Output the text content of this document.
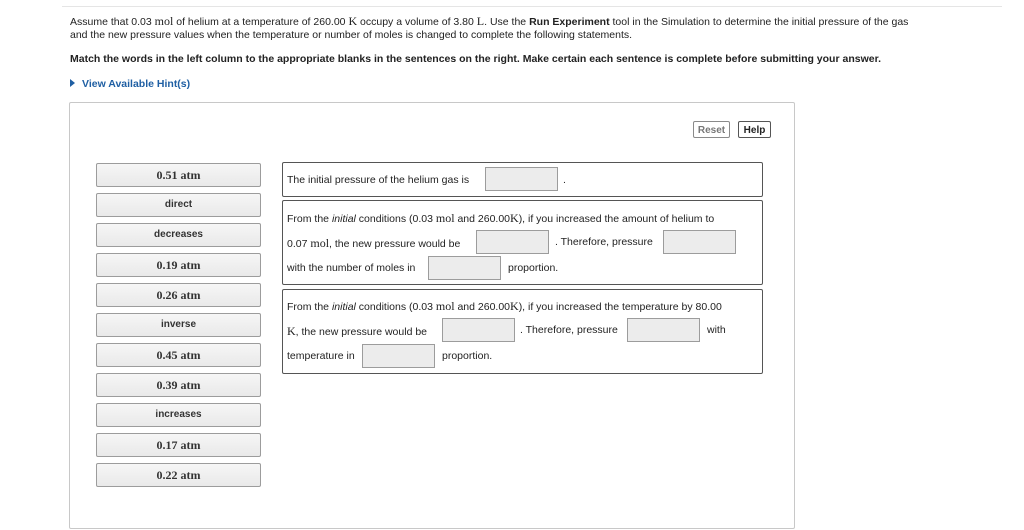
Assume that 0.03 mol of helium at a temperature of 260.00 K occupy a volume of 3.80 L. Use the Run Experiment tool in the Simulation to determine the initial pressure of the gas
and the new pressure values when the temperature or number of moles is changed to complete the following statements.
Match the words in the left column to the appropriate blanks in the sentences on the right. Make certain each sentence is complete before submitting your answer.
View Available Hint(s)
Reset	Help
0.51 atm
direct
decreases
0.19 atm
0.26 atm
inverse
0.45 atm
0.39 atm
increases
0.17 atm
0.22 atm
The initial pressure of the helium gas is	.
From the initial conditions (0.03 mol and 260.00K), if you increased the amount of helium to
0.07 mol, the new pressure would be	. Therefore, pressure
with the number of moles in	proportion.
From the initial conditions (0.03 mol and 260.00K), if you increased the temperature by 80.00
K, the new pressure would be	. Therefore, pressure	with
temperature in	proportion.
